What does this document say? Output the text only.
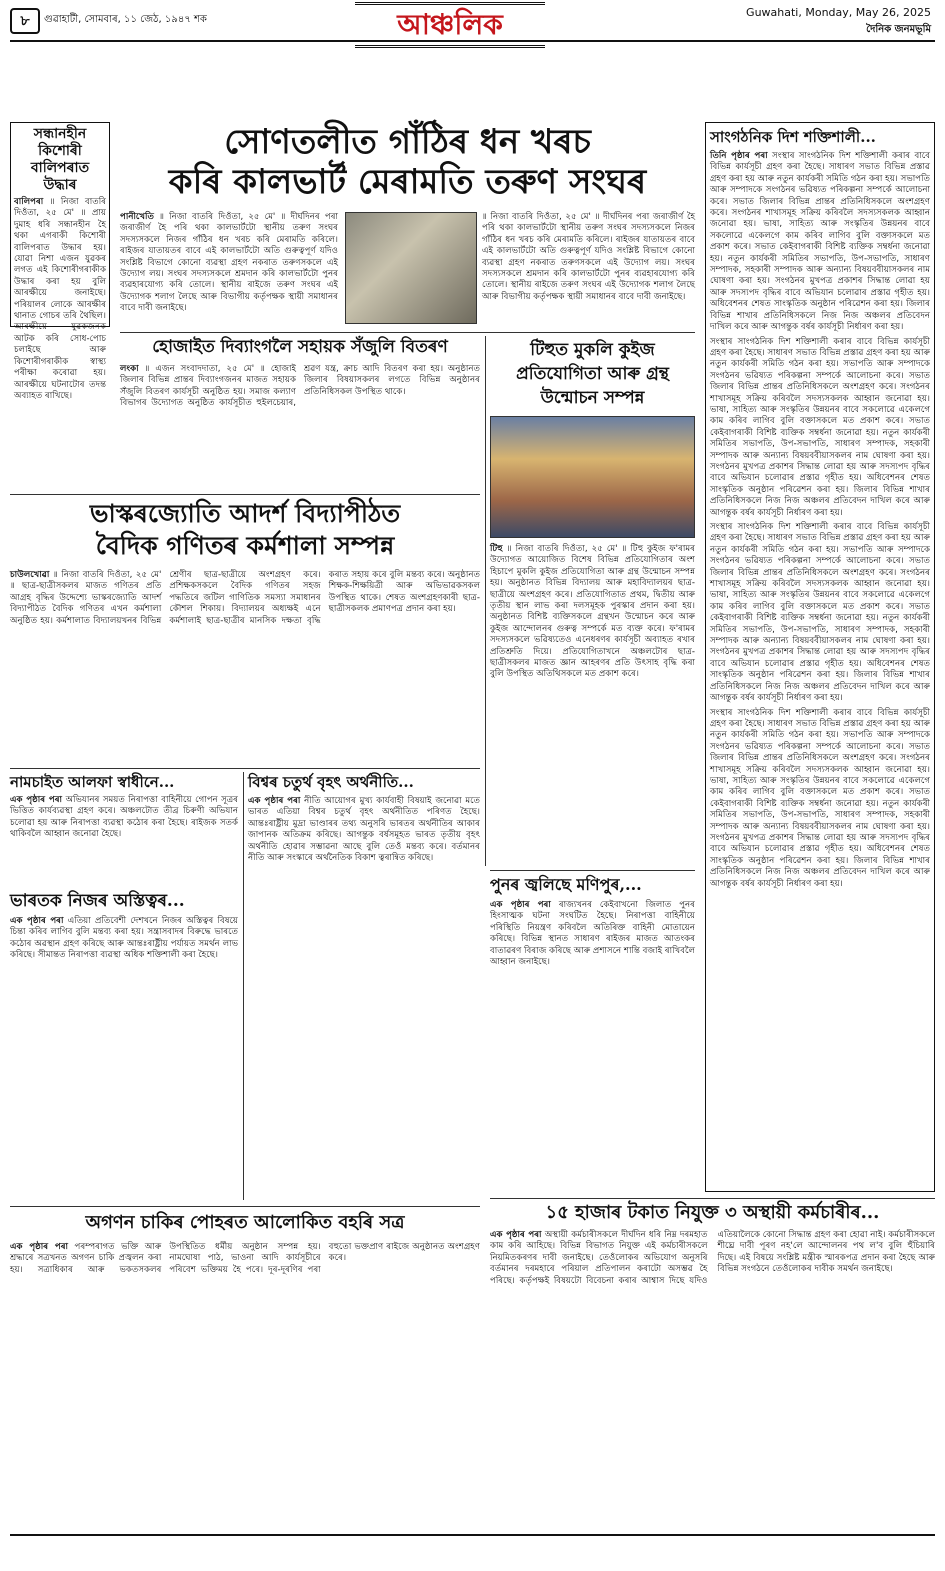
৮	গুৱাহাটী, সোমবাৰ, ১১ জেঠ, ১৯৪৭ শক	আঞ্চলিক	Guwahati, Monday, May 26, 2025
দৈনিক জনমভূমি
সন্ধানহীন কিশোৰী বালিপৰাত উদ্ধাৰ
বালিপৰা ॥ নিজা বাতৰি দিওঁতা, ২৫ মে' ॥ প্ৰায় দুমাহ ধৰি সন্ধানহীন হৈ থকা এগৰাকী কিশোৰী বালিপৰাত উদ্ধাৰ হয়। যোৱা নিশা এজন যুৱকৰ লগত এই কিশোৰীগৰাকীক উদ্ধাৰ কৰা হয় বুলি আৰক্ষীয়ে জনাইছে। পৰিয়ালৰ লোকে আৰক্ষীৰ থানাত গোচৰ তৰি থৈছিল। আৰক্ষীয়ে যুৱকজনক আটক কৰি সোধ-পোচ চলাইছে আৰু কিশোৰীগৰাকীক স্বাস্থ্য পৰীক্ষা কৰোৱা হয়। আৰক্ষীয়ে ঘটনাটোৰ তদন্ত অব্যাহত ৰাখিছে।
সোণতলীত গাঁঠিৰ ধন খৰচ
কৰি কালভাৰ্ট মেৰামতি তৰুণ সংঘৰ
পানীখেতি ॥ নিজা বাতৰি দিওঁতা, ২৫ মে' ॥ দীৰ্ঘদিনৰ পৰা জৰাজীৰ্ণ হৈ পৰি থকা কালভাৰ্টটো স্থানীয় তৰুণ সংঘৰ সদস্যসকলে নিজৰ গাঁঠিৰ ধন খৰচ কৰি মেৰামতি কৰিলে। ৰাইজৰ যাতায়তৰ বাবে এই কালভাৰ্টটো অতি গুৰুত্বপূৰ্ণ যদিও সংশ্লিষ্ট বিভাগে কোনো ব্যৱস্থা গ্ৰহণ নকৰাত তৰুণসকলে এই উদ্যোগ লয়। সংঘৰ সদস্যসকলে শ্ৰমদান কৰি কালভাৰ্টটো পুনৰ ব্যৱহাৰযোগ্য কৰি তোলে। স্থানীয় ৰাইজে তৰুণ সংঘৰ এই উদ্যোগক শলাগ লৈছে আৰু বিভাগীয় কৰ্তৃপক্ষক স্থায়ী সমাধানৰ বাবে দাবী জনাইছে।
॥ নিজা বাতৰি দিওঁতা, ২৫ মে' ॥ দীৰ্ঘদিনৰ পৰা জৰাজীৰ্ণ হৈ পৰি থকা কালভাৰ্টটো স্থানীয় তৰুণ সংঘৰ সদস্যসকলে নিজৰ গাঁঠিৰ ধন খৰচ কৰি মেৰামতি কৰিলে। ৰাইজৰ যাতায়তৰ বাবে এই কালভাৰ্টটো অতি গুৰুত্বপূৰ্ণ যদিও সংশ্লিষ্ট বিভাগে কোনো ব্যৱস্থা গ্ৰহণ নকৰাত তৰুণসকলে এই উদ্যোগ লয়। সংঘৰ সদস্যসকলে শ্ৰমদান কৰি কালভাৰ্টটো পুনৰ ব্যৱহাৰযোগ্য কৰি তোলে। স্থানীয় ৰাইজে তৰুণ সংঘৰ এই উদ্যোগক শলাগ লৈছে আৰু বিভাগীয় কৰ্তৃপক্ষক স্থায়ী সমাধানৰ বাবে দাবী জনাইছে।
সাংগঠনিক দিশ শক্তিশালী...

তিনি পৃষ্ঠাৰ পৰা সংস্থাৰ সাংগঠনিক দিশ শক্তিশালী কৰাৰ বাবে বিভিন্ন কাৰ্যসূচী গ্ৰহণ কৰা হৈছে। সাধাৰণ সভাত বিভিন্ন প্ৰস্তাৱ গ্ৰহণ কৰা হয় আৰু নতুন কাৰ্যকৰী সমিতি গঠন কৰা হয়। সভাপতি আৰু সম্পাদকে সংগঠনৰ ভৱিষ্যত পৰিকল্পনা সম্পৰ্কে আলোচনা কৰে। সভাত জিলাৰ বিভিন্ন প্ৰান্তৰ প্ৰতিনিধিসকলে অংশগ্ৰহণ কৰে। সংগঠনৰ শাখাসমূহ সক্ৰিয় কৰিবলৈ সদস্যসকলক আহ্বান জনোৱা হয়। ভাষা, সাহিত্য আৰু সংস্কৃতিৰ উন্নয়নৰ বাবে সকলোৱে একেলগে কাম কৰিব লাগিব বুলি বক্তাসকলে মত প্ৰকাশ কৰে। সভাত কেইবাগৰাকী বিশিষ্ট ব্যক্তিক সম্বৰ্ধনা জনোৱা হয়। নতুন কাৰ্যকৰী সমিতিৰ সভাপতি, উপ-সভাপতি, সাধাৰণ সম্পাদক, সহকাৰী সম্পাদক আৰু অন্যান্য বিষয়ববীয়াসকলৰ নাম ঘোষণা কৰা হয়। সংগঠনৰ মুখপত্ৰ প্ৰকাশৰ সিদ্ধান্ত লোৱা হয় আৰু সদস্যপদ বৃদ্ধিৰ বাবে অভিযান চলোৱাৰ প্ৰস্তাৱ গৃহীত হয়। অধিবেশনৰ শেষত সাংস্কৃতিক অনুষ্ঠান পৰিৱেশন কৰা হয়। জিলাৰ বিভিন্ন শাখাৰ প্ৰতিনিধিসকলে নিজ নিজ অঞ্চলৰ প্ৰতিবেদন দাখিল কৰে আৰু আগন্তুক বৰ্ষৰ কাৰ্যসূচী নিৰ্ধাৰণ কৰা হয়।

সংস্থাৰ সাংগঠনিক দিশ শক্তিশালী কৰাৰ বাবে বিভিন্ন কাৰ্যসূচী গ্ৰহণ কৰা হৈছে। সাধাৰণ সভাত বিভিন্ন প্ৰস্তাৱ গ্ৰহণ কৰা হয় আৰু নতুন কাৰ্যকৰী সমিতি গঠন কৰা হয়। সভাপতি আৰু সম্পাদকে সংগঠনৰ ভৱিষ্যত পৰিকল্পনা সম্পৰ্কে আলোচনা কৰে। সভাত জিলাৰ বিভিন্ন প্ৰান্তৰ প্ৰতিনিধিসকলে অংশগ্ৰহণ কৰে। সংগঠনৰ শাখাসমূহ সক্ৰিয় কৰিবলৈ সদস্যসকলক আহ্বান জনোৱা হয়। ভাষা, সাহিত্য আৰু সংস্কৃতিৰ উন্নয়নৰ বাবে সকলোৱে একেলগে কাম কৰিব লাগিব বুলি বক্তাসকলে মত প্ৰকাশ কৰে। সভাত কেইবাগৰাকী বিশিষ্ট ব্যক্তিক সম্বৰ্ধনা জনোৱা হয়। নতুন কাৰ্যকৰী সমিতিৰ সভাপতি, উপ-সভাপতি, সাধাৰণ সম্পাদক, সহকাৰী সম্পাদক আৰু অন্যান্য বিষয়ববীয়াসকলৰ নাম ঘোষণা কৰা হয়। সংগঠনৰ মুখপত্ৰ প্ৰকাশৰ সিদ্ধান্ত লোৱা হয় আৰু সদস্যপদ বৃদ্ধিৰ বাবে অভিযান চলোৱাৰ প্ৰস্তাৱ গৃহীত হয়। অধিবেশনৰ শেষত সাংস্কৃতিক অনুষ্ঠান পৰিৱেশন কৰা হয়। জিলাৰ বিভিন্ন শাখাৰ প্ৰতিনিধিসকলে নিজ নিজ অঞ্চলৰ প্ৰতিবেদন দাখিল কৰে আৰু আগন্তুক বৰ্ষৰ কাৰ্যসূচী নিৰ্ধাৰণ কৰা হয়।

সংস্থাৰ সাংগঠনিক দিশ শক্তিশালী কৰাৰ বাবে বিভিন্ন কাৰ্যসূচী গ্ৰহণ কৰা হৈছে। সাধাৰণ সভাত বিভিন্ন প্ৰস্তাৱ গ্ৰহণ কৰা হয় আৰু নতুন কাৰ্যকৰী সমিতি গঠন কৰা হয়। সভাপতি আৰু সম্পাদকে সংগঠনৰ ভৱিষ্যত পৰিকল্পনা সম্পৰ্কে আলোচনা কৰে। সভাত জিলাৰ বিভিন্ন প্ৰান্তৰ প্ৰতিনিধিসকলে অংশগ্ৰহণ কৰে। সংগঠনৰ শাখাসমূহ সক্ৰিয় কৰিবলৈ সদস্যসকলক আহ্বান জনোৱা হয়। ভাষা, সাহিত্য আৰু সংস্কৃতিৰ উন্নয়নৰ বাবে সকলোৱে একেলগে কাম কৰিব লাগিব বুলি বক্তাসকলে মত প্ৰকাশ কৰে। সভাত কেইবাগৰাকী বিশিষ্ট ব্যক্তিক সম্বৰ্ধনা জনোৱা হয়। নতুন কাৰ্যকৰী সমিতিৰ সভাপতি, উপ-সভাপতি, সাধাৰণ সম্পাদক, সহকাৰী সম্পাদক আৰু অন্যান্য বিষয়ববীয়াসকলৰ নাম ঘোষণা কৰা হয়। সংগঠনৰ মুখপত্ৰ প্ৰকাশৰ সিদ্ধান্ত লোৱা হয় আৰু সদস্যপদ বৃদ্ধিৰ বাবে অভিযান চলোৱাৰ প্ৰস্তাৱ গৃহীত হয়। অধিবেশনৰ শেষত সাংস্কৃতিক অনুষ্ঠান পৰিৱেশন কৰা হয়। জিলাৰ বিভিন্ন শাখাৰ প্ৰতিনিধিসকলে নিজ নিজ অঞ্চলৰ প্ৰতিবেদন দাখিল কৰে আৰু আগন্তুক বৰ্ষৰ কাৰ্যসূচী নিৰ্ধাৰণ কৰা হয়।

সংস্থাৰ সাংগঠনিক দিশ শক্তিশালী কৰাৰ বাবে বিভিন্ন কাৰ্যসূচী গ্ৰহণ কৰা হৈছে। সাধাৰণ সভাত বিভিন্ন প্ৰস্তাৱ গ্ৰহণ কৰা হয় আৰু নতুন কাৰ্যকৰী সমিতি গঠন কৰা হয়। সভাপতি আৰু সম্পাদকে সংগঠনৰ ভৱিষ্যত পৰিকল্পনা সম্পৰ্কে আলোচনা কৰে। সভাত জিলাৰ বিভিন্ন প্ৰান্তৰ প্ৰতিনিধিসকলে অংশগ্ৰহণ কৰে। সংগঠনৰ শাখাসমূহ সক্ৰিয় কৰিবলৈ সদস্যসকলক আহ্বান জনোৱা হয়। ভাষা, সাহিত্য আৰু সংস্কৃতিৰ উন্নয়নৰ বাবে সকলোৱে একেলগে কাম কৰিব লাগিব বুলি বক্তাসকলে মত প্ৰকাশ কৰে। সভাত কেইবাগৰাকী বিশিষ্ট ব্যক্তিক সম্বৰ্ধনা জনোৱা হয়। নতুন কাৰ্যকৰী সমিতিৰ সভাপতি, উপ-সভাপতি, সাধাৰণ সম্পাদক, সহকাৰী সম্পাদক আৰু অন্যান্য বিষয়ববীয়াসকলৰ নাম ঘোষণা কৰা হয়। সংগঠনৰ মুখপত্ৰ প্ৰকাশৰ সিদ্ধান্ত লোৱা হয় আৰু সদস্যপদ বৃদ্ধিৰ বাবে অভিযান চলোৱাৰ প্ৰস্তাৱ গৃহীত হয়। অধিবেশনৰ শেষত সাংস্কৃতিক অনুষ্ঠান পৰিৱেশন কৰা হয়। জিলাৰ বিভিন্ন শাখাৰ প্ৰতিনিধিসকলে নিজ নিজ অঞ্চলৰ প্ৰতিবেদন দাখিল কৰে আৰু আগন্তুক বৰ্ষৰ কাৰ্যসূচী নিৰ্ধাৰণ কৰা হয়।

হোজাইত দিব্যাংগলৈ সহায়ক সঁজুলি বিতৰণ
লংকা ॥ এজন সংবাদদাতা, ২৫ মে' ॥ হোজাই জিলাৰ বিভিন্ন প্ৰান্তৰ দিব্যাংগজনৰ মাজত সহায়ক সঁজুলি বিতৰণ কাৰ্যসূচী অনুষ্ঠিত হয়। সমাজ কল্যাণ বিভাগৰ উদ্যোগত অনুষ্ঠিত কাৰ্যসূচীত হুইলচেয়াৰ, শ্ৰৱণ যন্ত্ৰ, ক্ৰাচ আদি বিতৰণ কৰা হয়। অনুষ্ঠানত জিলাৰ বিষয়াসকলৰ লগতে বিভিন্ন অনুষ্ঠানৰ প্ৰতিনিধিসকল উপস্থিত থাকে।
টিহুত মুকলি কুইজ প্ৰতিযোগিতা আৰু গ্ৰন্থ উন্মোচন সম্পন্ন
টিহু ॥ নিজা বাতৰি দিওঁতা, ২৫ মে' ॥ টিহু কুইজ ফ'ৰামৰ উদ্যোগত আয়োজিত বিশেষ বিভিন্ন প্ৰতিযোগিতাৰ অংশ হিচাপে মুকলি কুইজ প্ৰতিযোগিতা আৰু গ্ৰন্থ উন্মোচন সম্পন্ন হয়। অনুষ্ঠানত বিভিন্ন বিদ্যালয় আৰু মহাবিদ্যালয়ৰ ছাত্ৰ-ছাত্ৰীয়ে অংশগ্ৰহণ কৰে। প্ৰতিযোগিতাত প্ৰথম, দ্বিতীয় আৰু তৃতীয় স্থান লাভ কৰা দলসমূহক পুৰস্কাৰ প্ৰদান কৰা হয়। অনুষ্ঠানত বিশিষ্ট ব্যক্তিসকলে গ্ৰন্থখন উন্মোচন কৰে আৰু কুইজ আন্দোলনৰ গুৰুত্ব সম্পৰ্কে মত ব্যক্ত কৰে। ফ'ৰামৰ সদস্যসকলে ভৱিষ্যতেও এনেধৰণৰ কাৰ্যসূচী অব্যাহত ৰখাৰ প্ৰতিশ্ৰুতি দিয়ে। প্ৰতিযোগিতাখনে অঞ্চলটোৰ ছাত্ৰ-ছাত্ৰীসকলৰ মাজত জ্ঞান আহৰণৰ প্ৰতি উৎসাহ বৃদ্ধি কৰা বুলি উপস্থিত অতিথিসকলে মত প্ৰকাশ কৰে।
ভাস্কৰজ্যোতি আদৰ্শ বিদ্যাপীঠত
বৈদিক গণিতৰ কৰ্মশালা সম্পন্ন
চাউলখোৱা ॥ নিজা বাতৰি দিওঁতা, ২৫ মে' ॥ ছাত্ৰ-ছাত্ৰীসকলৰ মাজত গণিতৰ প্ৰতি আগ্ৰহ বৃদ্ধিৰ উদ্দেশ্যে ভাস্কৰজ্যোতি আদৰ্শ বিদ্যাপীঠত বৈদিক গণিতৰ এখন কৰ্মশালা অনুষ্ঠিত হয়। কৰ্মশালাত বিদ্যালয়খনৰ বিভিন্ন শ্ৰেণীৰ ছাত্ৰ-ছাত্ৰীয়ে অংশগ্ৰহণ কৰে। প্ৰশিক্ষকসকলে বৈদিক গণিতৰ সহজ পদ্ধতিৰে জটিল গাণিতিক সমস্যা সমাধানৰ কৌশল শিকায়। বিদ্যালয়ৰ অধ্যক্ষই এনে কৰ্মশালাই ছাত্ৰ-ছাত্ৰীৰ মানসিক দক্ষতা বৃদ্ধি কৰাত সহায় কৰে বুলি মন্তব্য কৰে। অনুষ্ঠানত শিক্ষক-শিক্ষয়িত্ৰী আৰু অভিভাৱকসকল উপস্থিত থাকে। শেষত অংশগ্ৰহণকাৰী ছাত্ৰ-ছাত্ৰীসকলক প্ৰমাণপত্ৰ প্ৰদান কৰা হয়।
নামচাইত আলফা স্বাধীনে...
এক পৃষ্ঠাৰ পৰা অভিযানৰ সময়ত নিৰাপত্তা বাহিনীয়ে গোপন সূত্ৰৰ ভিত্তিত কাৰ্যব্যৱস্থা গ্ৰহণ কৰে। অঞ্চলটোত তীব্ৰ চিৰুণী অভিযান চলোৱা হয় আৰু নিৰাপত্তা ব্যৱস্থা কঠোৰ কৰা হৈছে। ৰাইজক সতৰ্ক থাকিবলৈ আহ্বান জনোৱা হৈছে।
ভাৰতক নিজৰ অস্তিত্বৰ...
এক পৃষ্ঠাৰ পৰা এতিয়া প্ৰতিবেশী দেশখনে নিজৰ অস্তিত্বৰ বিষয়ে চিন্তা কৰিব লাগিব বুলি মন্তব্য কৰা হয়। সন্ত্ৰাসবাদৰ বিৰুদ্ধে ভাৰতে কঠোৰ অৱস্থান গ্ৰহণ কৰিছে আৰু আন্তঃৰাষ্ট্ৰীয় পৰ্যায়ত সমৰ্থন লাভ কৰিছে। সীমান্তত নিৰাপত্তা ব্যৱস্থা অধিক শক্তিশালী কৰা হৈছে।
বিশ্বৰ চতুৰ্থ বৃহৎ অৰ্থনীতি...
এক পৃষ্ঠাৰ পৰা নীতি আয়োগৰ মুখ্য কাৰ্যবাহী বিষয়াই জনোৱা মতে ভাৰত এতিয়া বিশ্বৰ চতুৰ্থ বৃহৎ অৰ্থনীতিত পৰিণত হৈছে। আন্তঃৰাষ্ট্ৰীয় মুদ্ৰা ভাণ্ডাৰৰ তথ্য অনুসৰি ভাৰতৰ অৰ্থনীতিৰ আকাৰ জাপানক অতিক্ৰম কৰিছে। আগন্তুক বৰ্ষসমূহত ভাৰত তৃতীয় বৃহৎ অৰ্থনীতি হোৱাৰ সম্ভাৱনা আছে বুলি তেওঁ মন্তব্য কৰে। বৰ্তমানৰ নীতি আৰু সংস্কাৰে অৰ্থনৈতিক বিকাশ ত্বৰান্বিত কৰিছে।
পুনৰ জ্বলিছে মণিপুৰ,...
এক পৃষ্ঠাৰ পৰা ৰাজ্যখনৰ কেইবাখনো জিলাত পুনৰ হিংসাত্মক ঘটনা সংঘটিত হৈছে। নিৰাপত্তা বাহিনীয়ে পৰিস্থিতি নিয়ন্ত্ৰণ কৰিবলৈ অতিৰিক্ত বাহিনী মোতায়েন কৰিছে। বিভিন্ন স্থানত সাধাৰণ ৰাইজৰ মাজত আতংকৰ বাতাৱৰণ বিৰাজ কৰিছে আৰু প্ৰশাসনে শান্তি বজাই ৰাখিবলৈ আহ্বান জনাইছে।
১৫ হাজাৰ টকাত নিযুক্ত ৩ অস্থায়ী কৰ্মচাৰীৰ...
এক পৃষ্ঠাৰ পৰা অস্থায়ী কৰ্মচাৰীসকলে দীৰ্ঘদিন ধৰি নিম্ন দৰমহাত কাম কৰি আহিছে। বিভিন্ন বিভাগত নিযুক্ত এই কৰ্মচাৰীসকলে নিয়মিতকৰণৰ দাবী জনাইছে। তেওঁলোকৰ অভিযোগ অনুসৰি বৰ্তমানৰ দৰমহাৰে পৰিয়াল প্ৰতিপালন কৰাটো অসম্ভৱ হৈ পৰিছে। কৰ্তৃপক্ষই বিষয়টো বিবেচনা কৰাৰ আশ্বাস দিছে যদিও এতিয়ালৈকে কোনো সিদ্ধান্ত গ্ৰহণ কৰা হোৱা নাই। কৰ্মচাৰীসকলে শীঘ্ৰে দাবী পূৰণ নহ'লে আন্দোলনৰ পথ ল'ব বুলি হুঁচিয়াৰি দিছে। এই বিষয়ে সংশ্লিষ্ট মন্ত্ৰীক স্মাৰকপত্ৰ প্ৰদান কৰা হৈছে আৰু বিভিন্ন সংগঠনে তেওঁলোকৰ দাবীক সমৰ্থন জনাইছে।
অগণন চাকিৰ পোহৰত আলোকিত বহৰি সত্ৰ
এক পৃষ্ঠাৰ পৰা পৰম্পৰাগত ভক্তি আৰু শ্ৰদ্ধাৰে সত্ৰখনত অগণন চাকি প্ৰজ্বলন কৰা হয়। সত্ৰাধিকাৰ আৰু ভকতসকলৰ উপস্থিতিত ধৰ্মীয় অনুষ্ঠান সম্পন্ন হয়। নামঘোষা পাঠ, ভাওনা আদি কাৰ্যসূচীৰে পৰিবেশ ভক্তিময় হৈ পৰে। দূৰ-দূৰণিৰ পৰা বহুতো ভক্তপ্ৰাণ ৰাইজে অনুষ্ঠানত অংশগ্ৰহণ কৰে।
